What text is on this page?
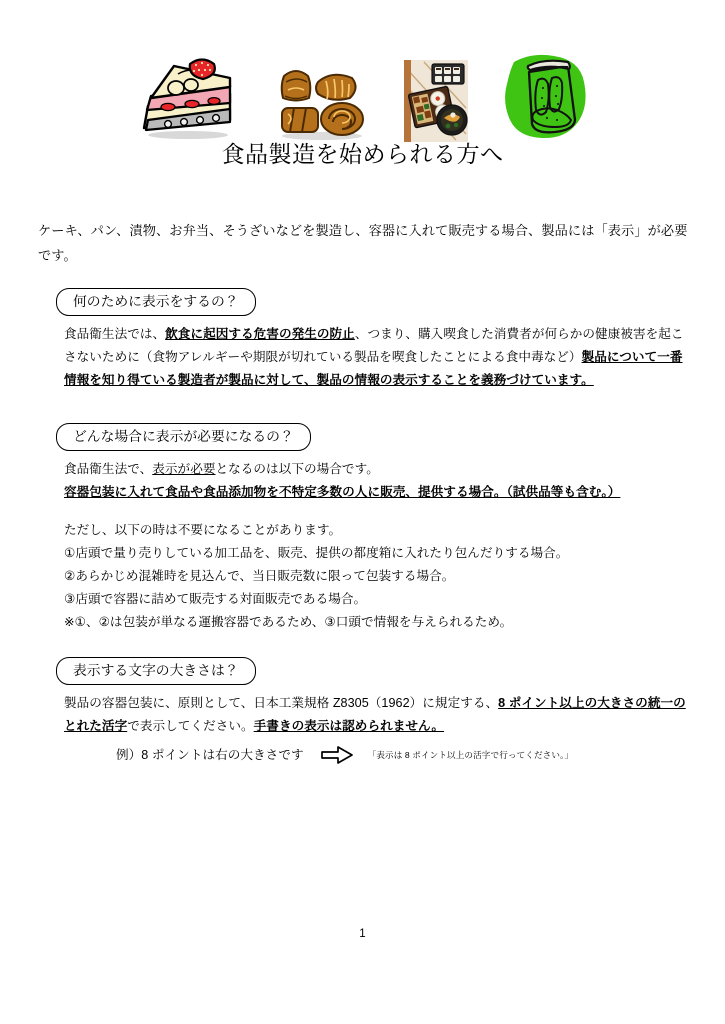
食品製造を始められる方へ
ケーキ、パン、漬物、お弁当、そうざいなどを製造し、容器に入れて販売する場合、製品には「表示」が必要です。
何のために表示をするの？

食品衛生法では、飲食に起因する危害の発生の防止、つまり、購入喫食した消費者が何らかの健康被害を起こさないために（食物アレルギーや期限が切れている製品を喫食したことによる食中毒など）製品について一番情報を知り得ている製造者が製品に対して、製品の情報の表示することを義務づけています。

どんな場合に表示が必要になるの？

食品衛生法で、表示が必要となるのは以下の場合です。

容器包装に入れて食品や食品添加物を不特定多数の人に販売、提供する場合。（試供品等も含む。）

ただし、以下の時は不要になることがあります。

①店頭で量り売りしている加工品を、販売、提供の都度箱に入れたり包んだりする場合。

②あらかじめ混雑時を見込んで、当日販売数に限って包装する場合。

③店頭で容器に詰めて販売する対面販売である場合。

※①、②は包装が単なる運搬容器であるため、③口頭で情報を与えられるため。

表示する文字の大きさは？

製品の容器包装に、原則として、日本工業規格 Z8305（1962）に規定する、8 ポイント以上の大きさの統一のとれた活字で表示してください。手書きの表示は認められません。

例）8 ポイントは右の大きさです	「表示は 8 ポイント以上の活字で行ってください。」
1
